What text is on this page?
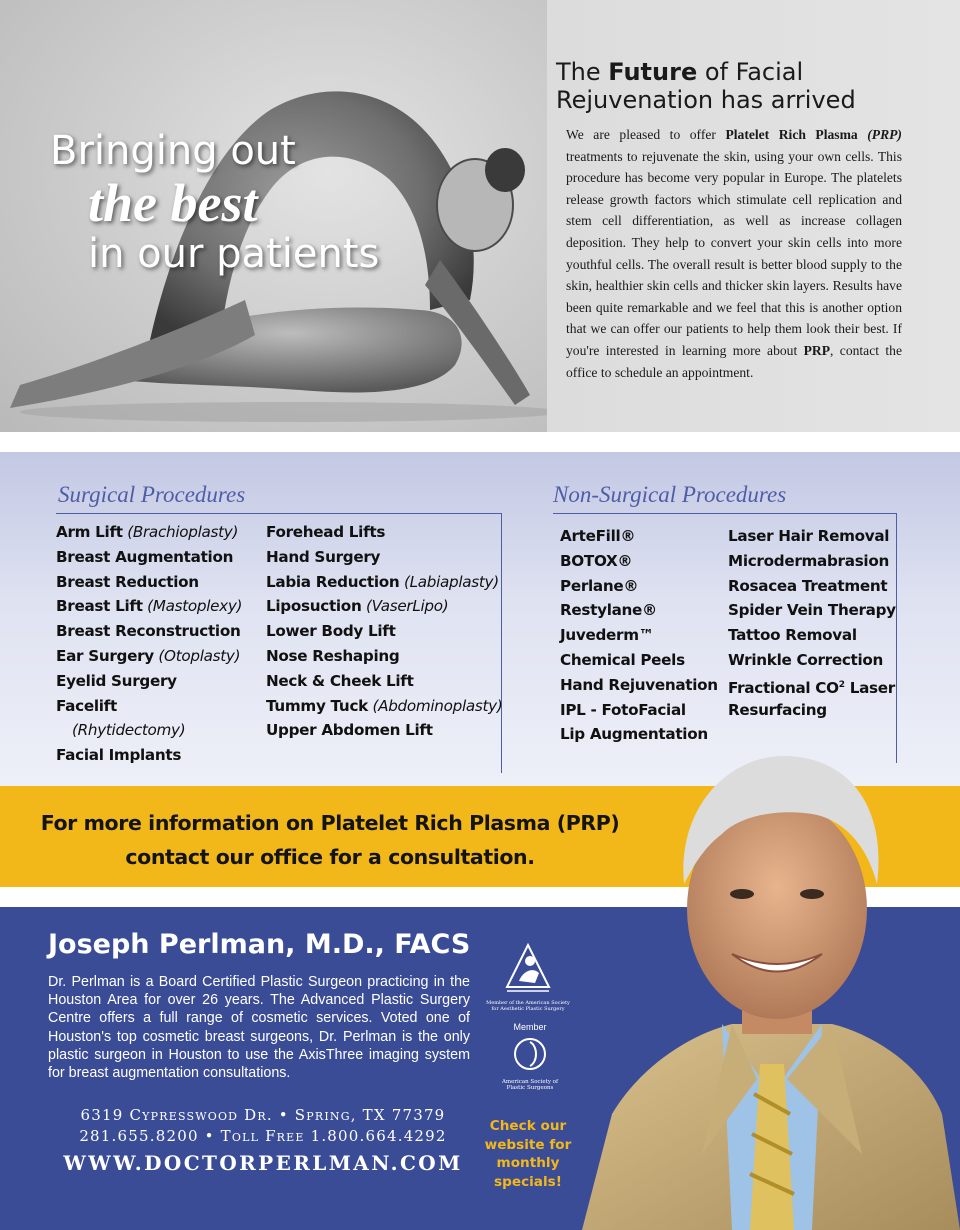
Bringing out
the best
in our patients
The Future of Facial
Rejuvenation has arrived

We are pleased to offer Platelet Rich Plasma (PRP) treatments to rejuvenate the skin, using your own cells. This procedure has become very popular in Europe. The platelets release growth factors which stimulate cell replication and stem cell differentiation, as well as increase collagen deposition. They help to convert your skin cells into more youthful cells. The overall result is better blood supply to the skin, healthier skin cells and thicker skin layers. Results have been quite remarkable and we feel that this is another option that we can offer our patients to help them look their best. If you're interested in learning more about PRP, contact the office to schedule an appointment.

Surgical Procedures
Arm Lift (Brachioplasty)
Breast Augmentation
Breast Reduction
Breast Lift (Mastoplexy)
Breast Reconstruction
Ear Surgery (Otoplasty)
Eyelid Surgery
Facelift
(Rhytidectomy)
Facial Implants
Forehead Lifts
Hand Surgery
Labia Reduction (Labiaplasty)
Liposuction (VaserLipo)
Lower Body Lift
Nose Reshaping
Neck & Cheek Lift
Tummy Tuck (Abdominoplasty)
Upper Abdomen Lift
Non-Surgical Procedures
ArteFill®
BOTOX®
Perlane®
Restylane®
Juvederm™
Chemical Peels
Hand Rejuvenation
IPL - FotoFacial
Lip Augmentation
Laser Hair Removal
Microdermabrasion
Rosacea Treatment
Spider Vein Therapy
Tattoo Removal
Wrinkle Correction
Fractional $CO^2$ Laser
Resurfacing
For more information on Platelet Rich Plasma (PRP)
contact our office for a consultation.
Joseph Perlman, M.D., FACS

Dr. Perlman is a Board Certified Plastic Surgeon practicing in the Houston Area for over 26 years. The Advanced Plastic Surgery Centre offers a full range of cosmetic services. Voted one of Houston's top cosmetic breast surgeons, Dr. Perlman is the only plastic surgeon in Houston to use the AxisThree imaging system for breast augmentation consultations.

6319 Cypresswood Dr. • Spring, TX 77379
281.655.8200 • Toll Free 1.800.664.4292
WWW.DOCTORPERLMAN.COM
Member of the American Society for Aesthetic Plastic Surgery
Member
American Society of Plastic Surgeons
Check our
website for
monthly specials!
